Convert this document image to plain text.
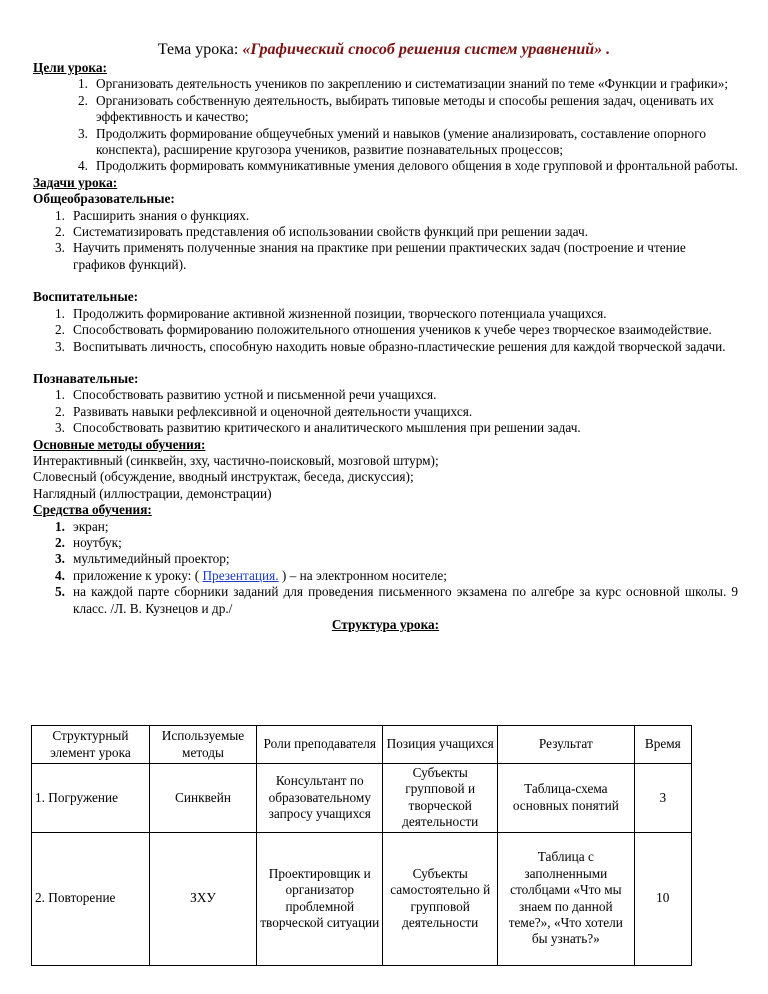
Тема урока: «Графический способ решения систем уравнений» .
Цели урока:
1. Организовать деятельность учеников по закреплению и систематизации знаний по теме «Функции и графики»;
2. Организовать собственную деятельность, выбирать типовые методы и способы решения задач, оценивать их эффективность и качество;
3. Продолжить формирование общеучебных умений и навыков (умение анализировать, составление опорного конспекта), расширение кругозора учеников, развитие познавательных процессов;
4. Продолжить формировать коммуникативные умения делового общения в ходе групповой и фронтальной работы.
Задачи урока:
Общеобразовательные:
1. Расширить знания о функциях.
2. Систематизировать представления об использовании свойств функций при решении задач.
3. Научить применять полученные знания на практике при решении практических задач (построение и чтение графиков функций).
Воспитательные:
1. Продолжить формирование активной жизненной позиции, творческого потенциала учащихся.
2. Способствовать формированию положительного отношения учеников к учебе через творческое взаимодействие.
3. Воспитывать личность, способную находить новые образно-пластические решения для каждой творческой задачи.
Познавательные:
1. Способствовать развитию устной и письменной речи учащихся.
2. Развивать навыки рефлексивной и оценочной деятельности учащихся.
3. Способствовать развитию критического и аналитического мышления при решении задач.
Основные методы обучения:
Интерактивный (синквейн, зху, частично-поисковый, мозговой штурм);
Словесный (обсуждение, вводный инструктаж, беседа, дискуссия);
Наглядный (иллюстрации, демонстрации)
Средства обучения:
1. экран;
2. ноутбук;
3. мультимедийный проектор;
4. приложение к уроку: ( Презентация. ) – на электронном носителе;
5. на каждой парте сборники заданий для проведения письменного экзамена по алгебре за курс основной школы. 9 класс. /Л. В. Кузнецов и др./
Структура урока:
Структурный элемент урока	Используемые методы	Роли преподавателя	Позиция учащихся	Результат	Время
1. Погружение	Синквейн	Консультант по образовательному запросу учащихся	Субъекты групповой и творческой деятельности	Таблица-схема основных понятий	3
2. Повторение	ЗХУ	Проектировщик и организатор проблемной творческой ситуации	Субъекты самостоятельно й групповой деятельности	Таблица с заполненными столбцами «Что мы знаем по данной теме?», «Что хотели бы узнать?»	10
